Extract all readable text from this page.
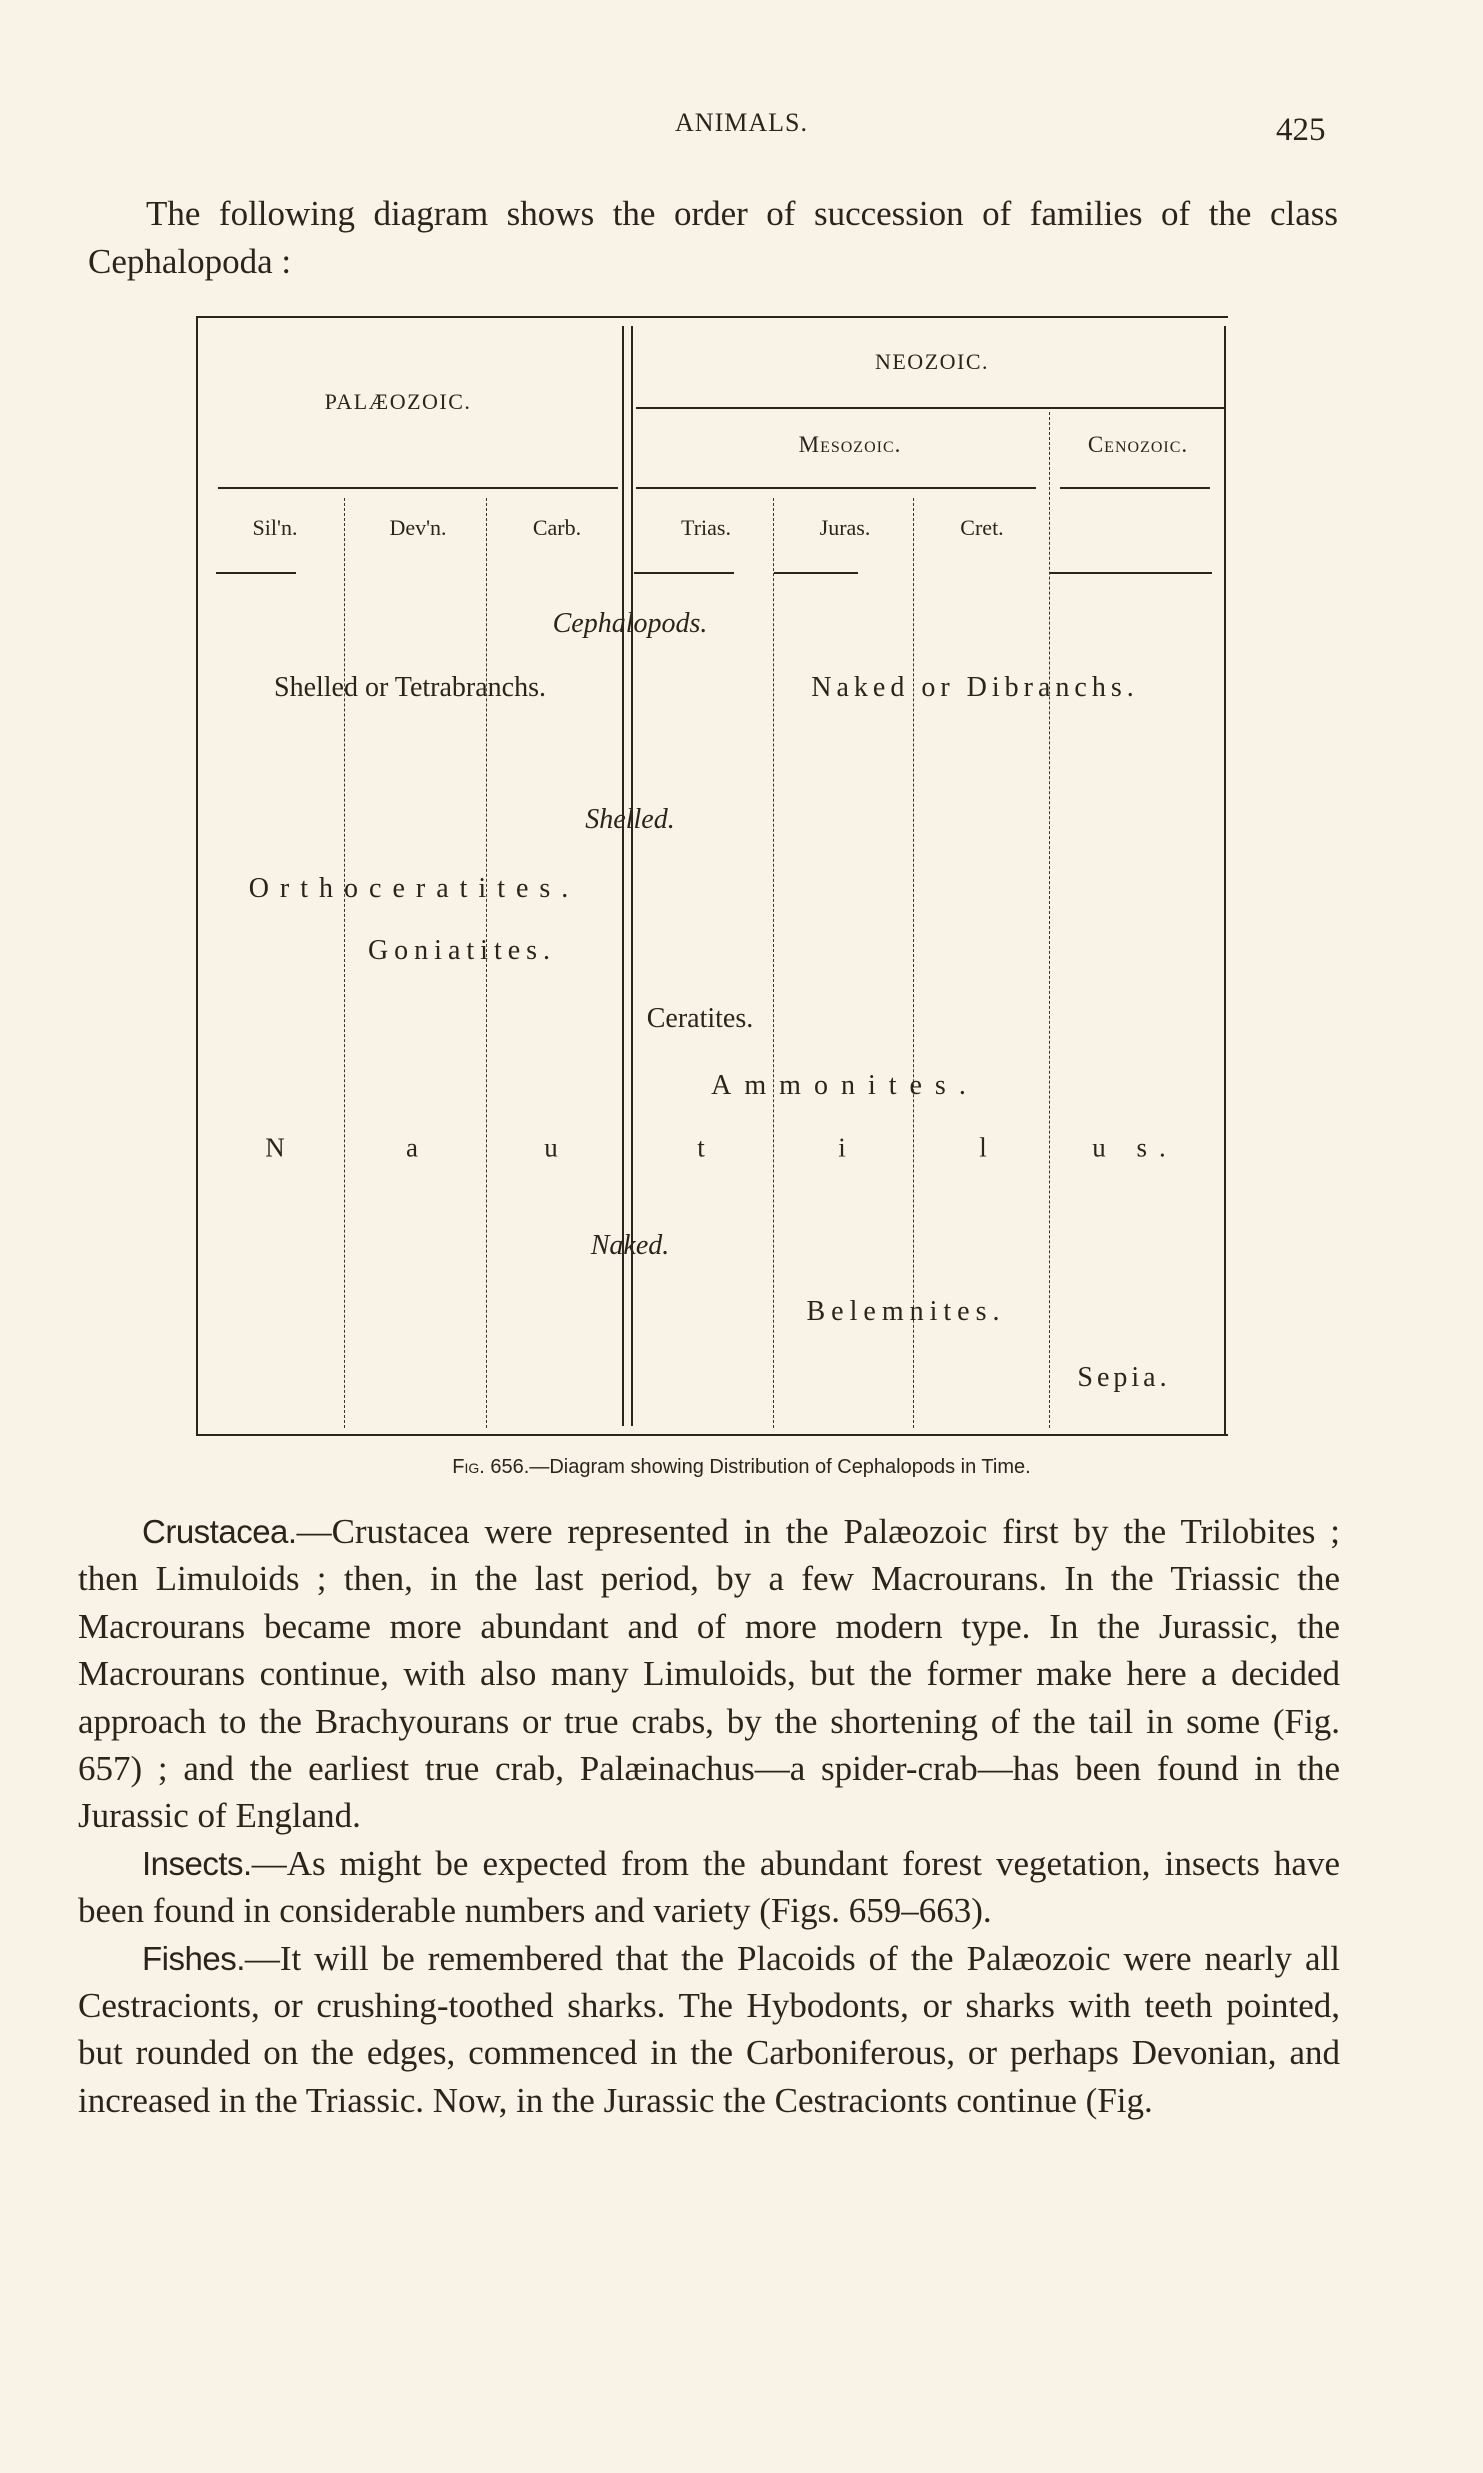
ANIMALS.	425

The following diagram shows the order of succession of families of the class Cephalopoda :

PALÆOZOIC.
NEOZOIC.
Mesozoic.	Cenozoic.
Sil'n.	Dev'n.	Carb.	Trias.	Juras.	Cret.
Cephalopods.
Shelled or Tetrabranchs.	Naked or Dibranchs.
Shelled.
Orthoceratites.
Goniatites.
Ceratites.
Ammonites.
N	a	u	t	i	l	u s.
Naked.
Belemnites.
Sepia.
Fig. 656.—Diagram showing Distribution of Cephalopods in Time.

Crustacea.—Crustacea were represented in the Palæozoic first by the Trilobites ; then Limuloids ; then, in the last period, by a few Macrourans. In the Triassic the Macrourans became more abundant and of more modern type. In the Jurassic, the Macrourans continue, with also many Limuloids, but the former make here a decided approach to the Brachyourans or true crabs, by the shortening of the tail in some (Fig. 657) ; and the earliest true crab, Palæinachus—a spider-crab—has been found in the Jurassic of England.

Insects.—As might be expected from the abundant forest vegetation, insects have been found in considerable numbers and variety (Figs. 659–663).

Fishes.—It will be remembered that the Placoids of the Palæozoic were nearly all Cestracionts, or crushing-toothed sharks. The Hybodonts, or sharks with teeth pointed, but rounded on the edges, commenced in the Carboniferous, or perhaps Devonian, and increased in the Triassic. Now, in the Jurassic the Cestracionts continue (Fig.
